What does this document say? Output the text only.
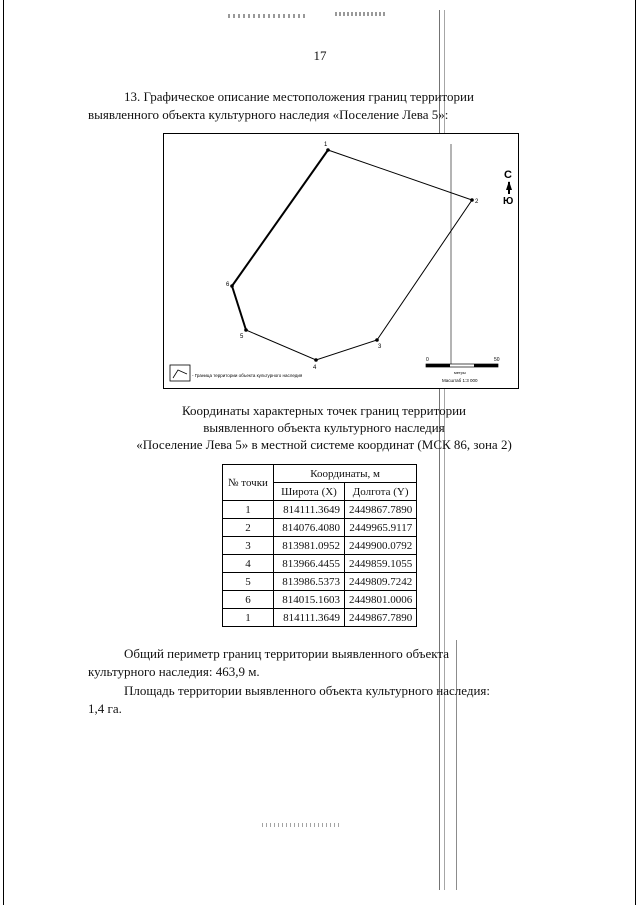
17
13. Графическое описание местоположения границ территории
выявленного объекта культурного наследия «Поселение Лева 5»:
1
2
3
4
5
6
С
Ю
- Граница территории объекта культурного наследия
0	50
метры
Масштаб 1:3 000
Координаты характерных точек границ территории
выявленного объекта культурного наследия
«Поселение Лева 5» в местной системе координат (МСК 86, зона 2)
№ точки	Координаты, м	
	Широта (X)	Долгота (Y)
1	814111.3649	2449867.7890
2	814076.4080	2449965.9117
3	813981.0952	2449900.0792
4	813966.4455	2449859.1055
5	813986.5373	2449809.7242
6	814015.1603	2449801.0006
1	814111.3649	2449867.7890
Общий периметр границ территории выявленного объекта
культурного наследия: 463,9 м.
Площадь территории выявленного объекта культурного наследия:
1,4 га.
